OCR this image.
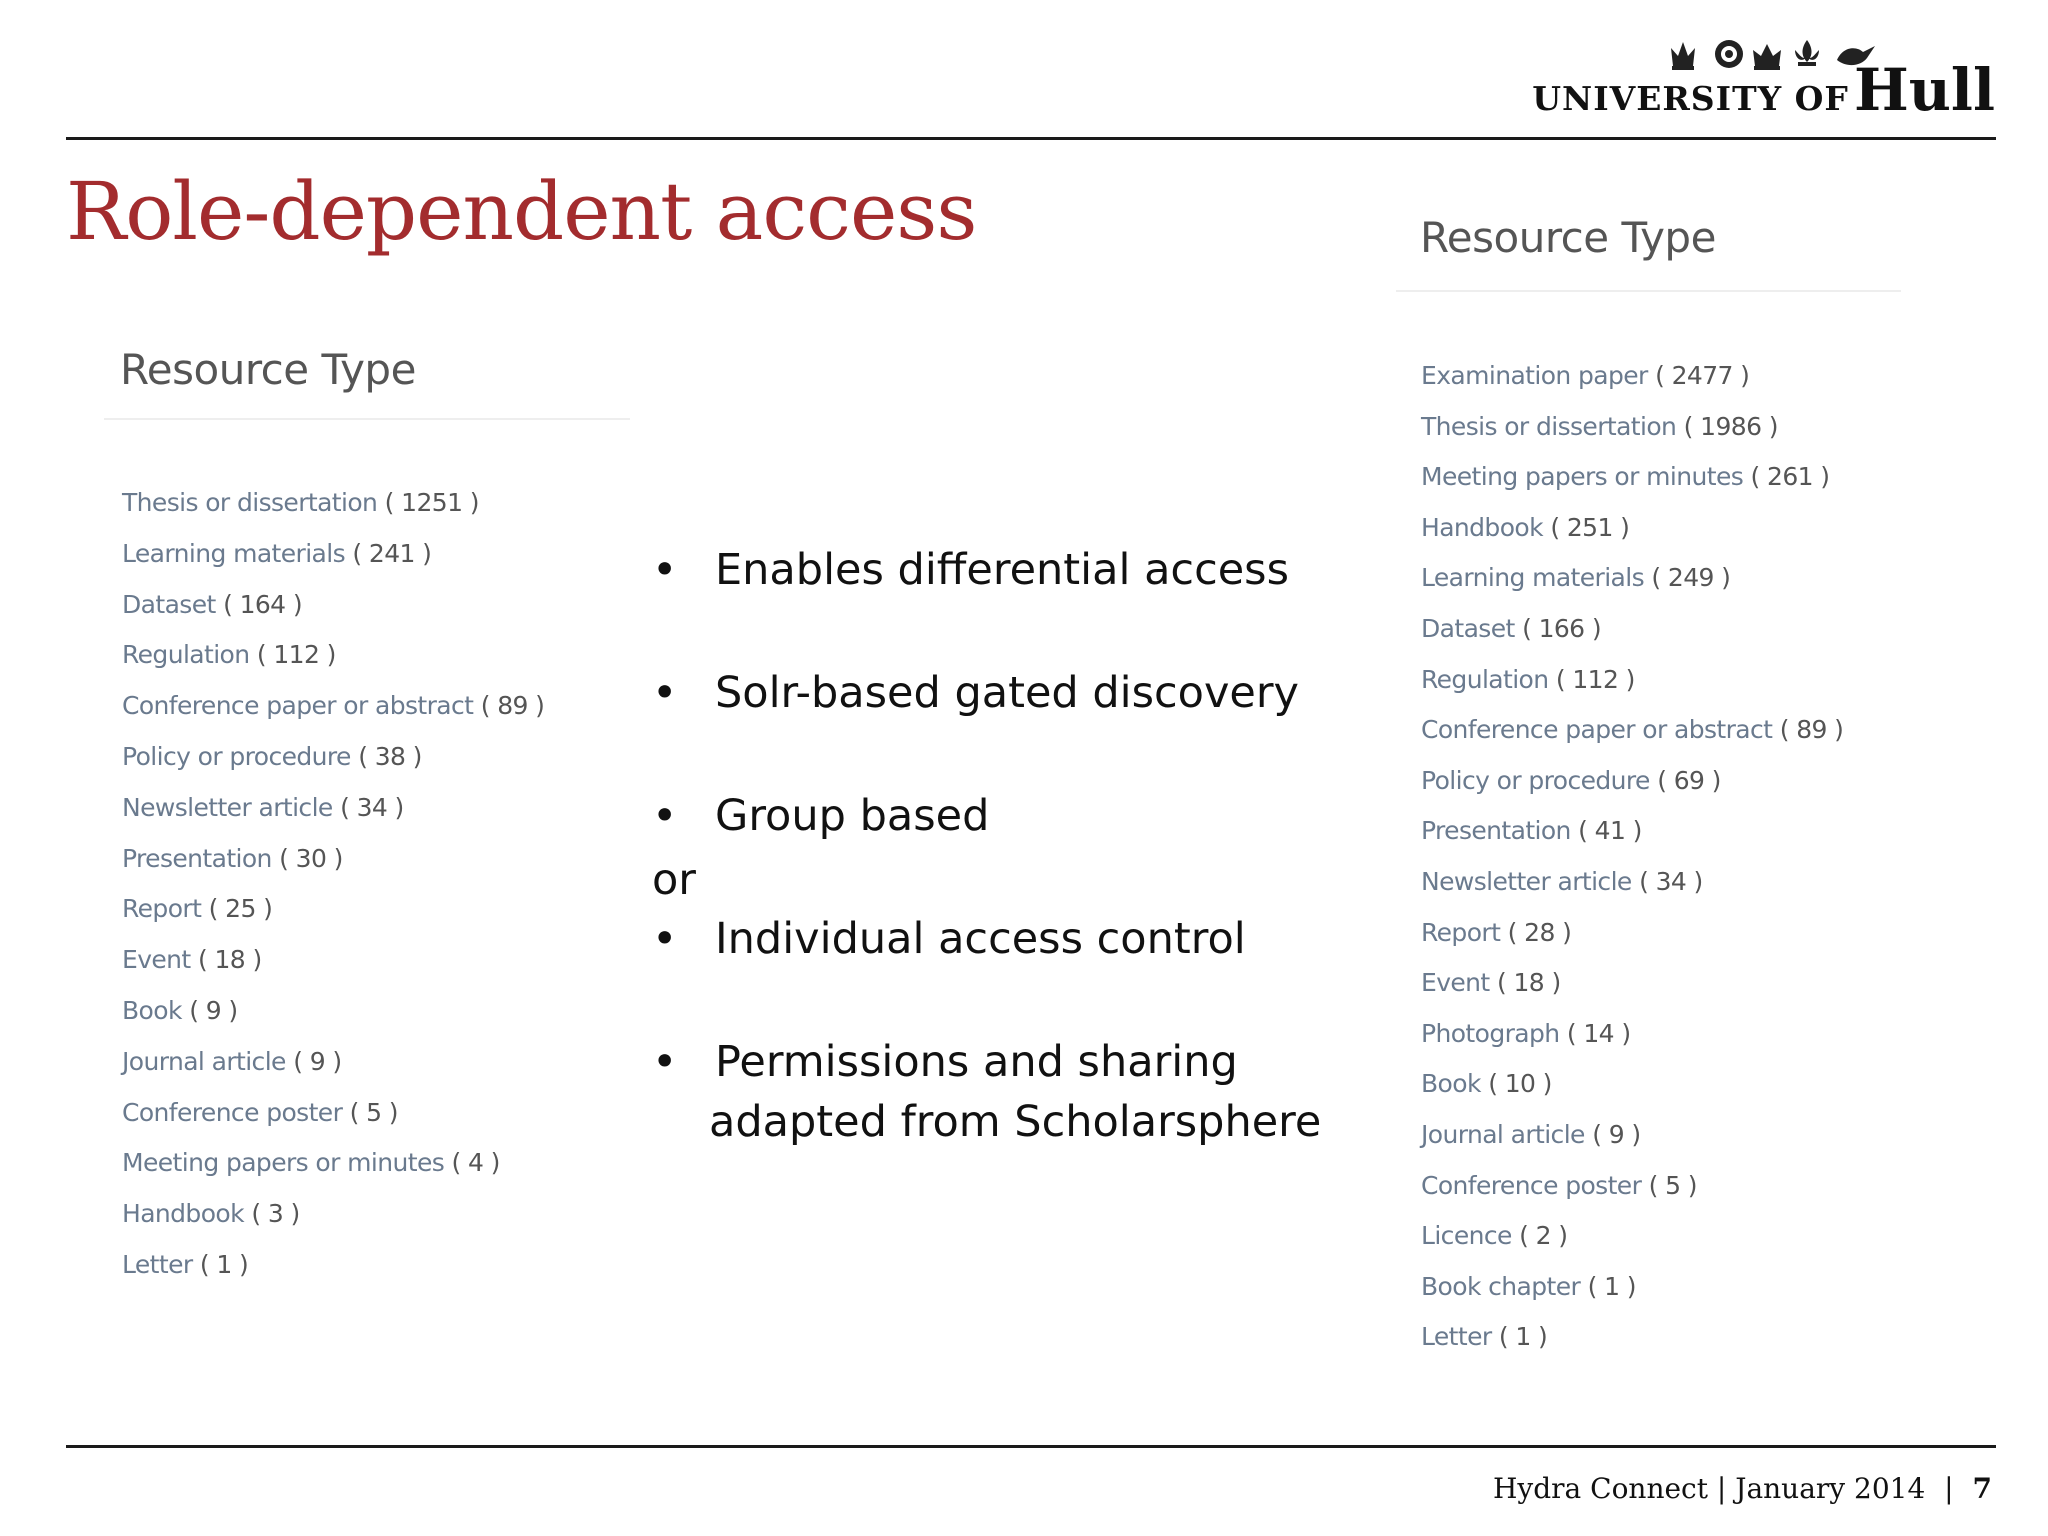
UNIVERSITY OF Hull
Role-dependent access
Resource Type
Thesis or dissertation ( 1251 )
Learning materials ( 241 )
Dataset ( 164 )
Regulation ( 112 )
Conference paper or abstract ( 89 )
Policy or procedure ( 38 )
Newsletter article ( 34 )
Presentation ( 30 )
Report ( 25 )
Event ( 18 )
Book ( 9 )
Journal article ( 9 )
Conference poster ( 5 )
Meeting papers or minutes ( 4 )
Handbook ( 3 )
Letter ( 1 )
Resource Type
Examination paper ( 2477 )
Thesis or dissertation ( 1986 )
Meeting papers or minutes ( 261 )
Handbook ( 251 )
Learning materials ( 249 )
Dataset ( 166 )
Regulation ( 112 )
Conference paper or abstract ( 89 )
Policy or procedure ( 69 )
Presentation ( 41 )
Newsletter article ( 34 )
Report ( 28 )
Event ( 18 )
Photograph ( 14 )
Book ( 10 )
Journal article ( 9 )
Conference poster ( 5 )
Licence ( 2 )
Book chapter ( 1 )
Letter ( 1 )
• Enables differential access
• Solr-based gated discovery
• Group based
or
• Individual access control
• Permissions and sharing
adapted from Scholarsphere
Hydra Connect | January 2014 | 7
